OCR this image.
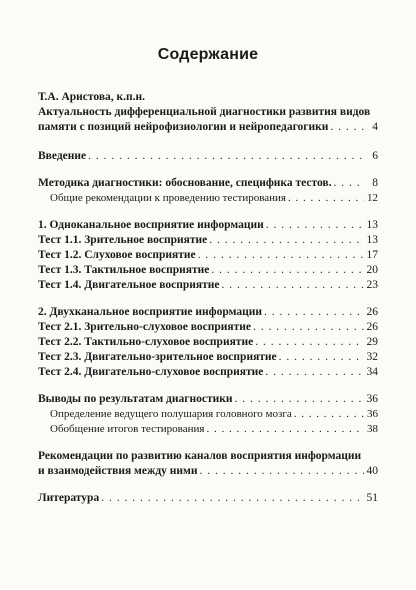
Содержание
Т.А. Аристова, к.п.н.
Актуальность дифференциальной диагностики развития видов
памяти с позиций нейрофизиологии и нейропедагогики . . .	4
Введение . . .	6
Методика диагностики: обоснование, специфика тестов. . . .	8
Общие рекомендации к проведению тестирования . . .	12
1. Одноканальное восприятие информации . . .	13
Тест 1.1. Зрительное восприятие . . .	13
Тест 1.2. Слуховое восприятие . . .	17
Тест 1.3. Тактильное восприятие . . .	20
Тест 1.4. Двигательное восприятие . . .	23
2. Двухканальное восприятие информации . . .	26
Тест 2.1. Зрительно-слуховое восприятие . . .	26
Тест 2.2. Тактильно-слуховое восприятие . . .	29
Тест 2.3. Двигательно-зрительное восприятие . . .	32
Тест 2.4. Двигательно-слуховое восприятие . . .	34
Выводы по результатам диагностики . . .	36
Определение ведущего полушария головного мозга . . .	36
Обобщение итогов тестирования . . .	38
Рекомендации по развитию каналов восприятия информации
и взаимодействия между ними . . .	40
Литература . . .	51
